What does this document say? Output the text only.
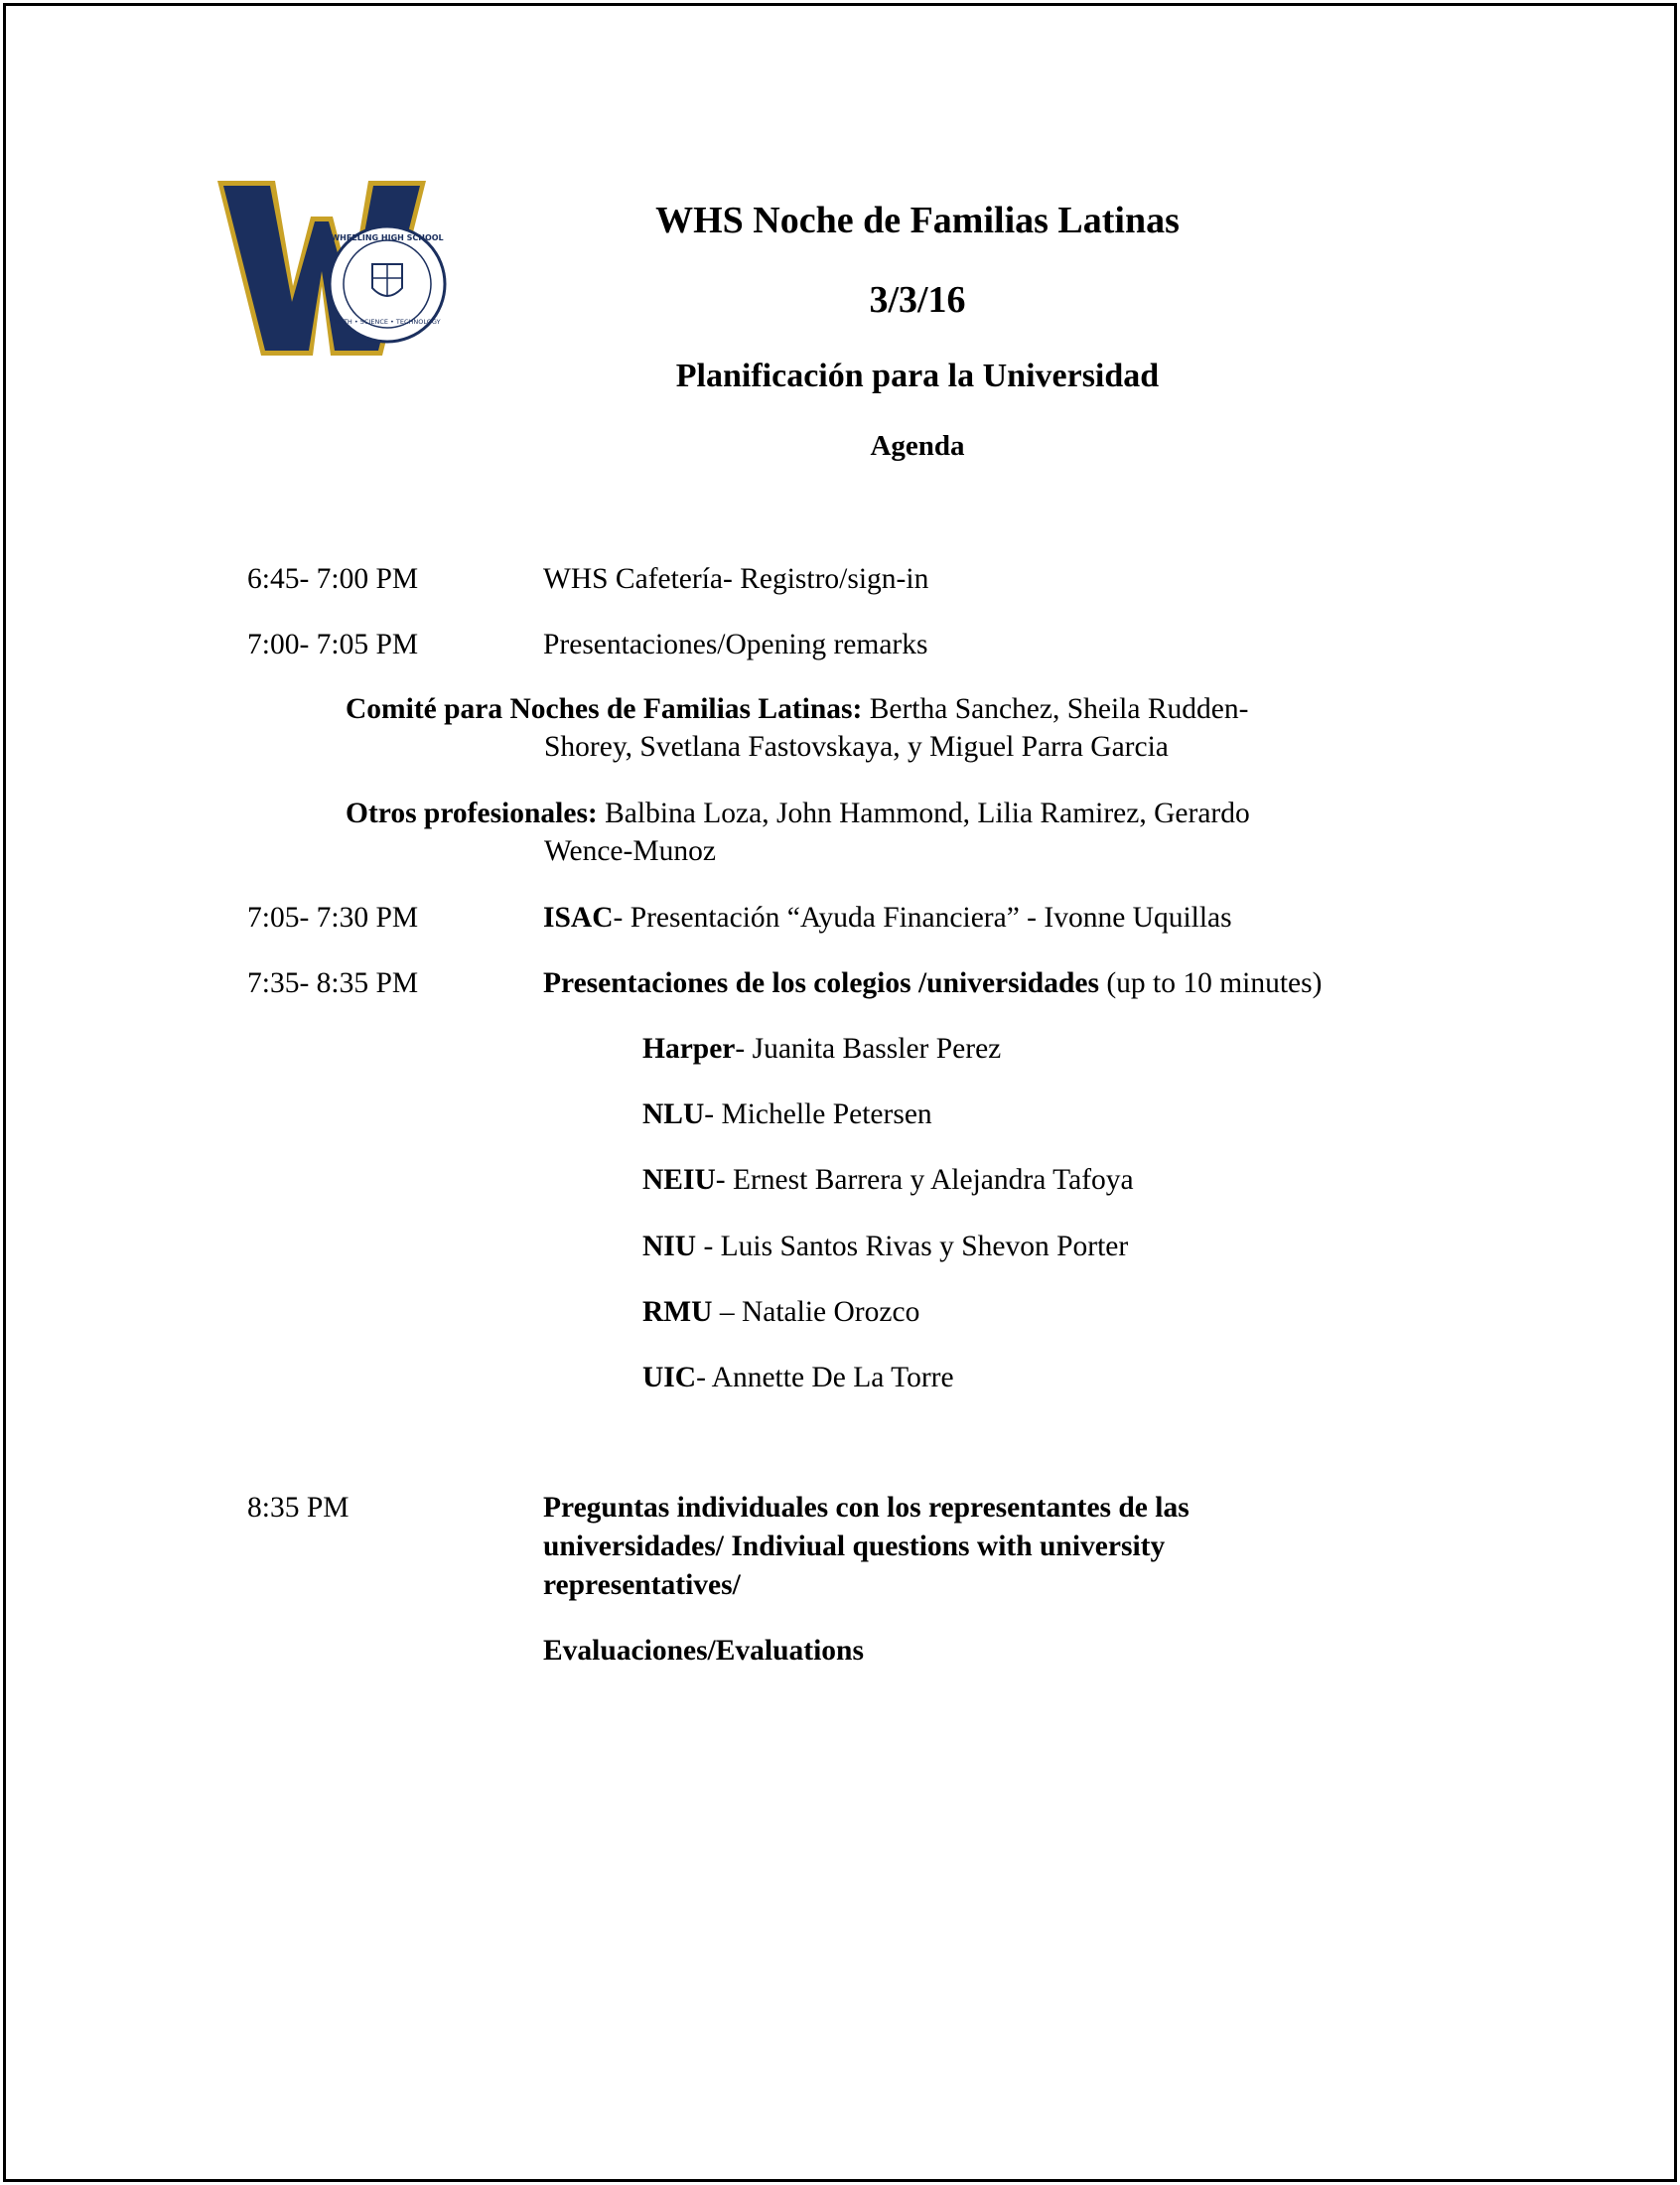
WHEELING HIGH SCHOOL
MATH • SCIENCE • TECHNOLOGY
WHS Noche de Familias Latinas

3/3/16

Planificación para la Universidad

Agenda

6:45- 7:00 PM	WHS Cafetería- Registro/sign-in
7:00- 7:05 PM	Presentaciones/Opening remarks
Comité para Noches de Familias Latinas: Bertha Sanchez, Sheila Rudden-
Shorey, Svetlana Fastovskaya, y Miguel Parra Garcia
Otros profesionales: Balbina Loza, John Hammond, Lilia Ramirez, Gerardo
Wence-Munoz
7:05- 7:30 PM	ISAC- Presentación “Ayuda Financiera” - Ivonne Uquillas
7:35- 8:35 PM	Presentaciones de los colegios /universidades (up to 10 minutes)
Harper- Juanita Bassler Perez
NLU- Michelle Petersen
NEIU- Ernest Barrera y Alejandra Tafoya
NIU - Luis Santos Rivas y Shevon Porter
RMU – Natalie Orozco
UIC- Annette De La Torre
8:35 PM	Preguntas individuales con los representantes de las
universidades/ Indiviual questions with university
representatives/
Evaluaciones/Evaluations
